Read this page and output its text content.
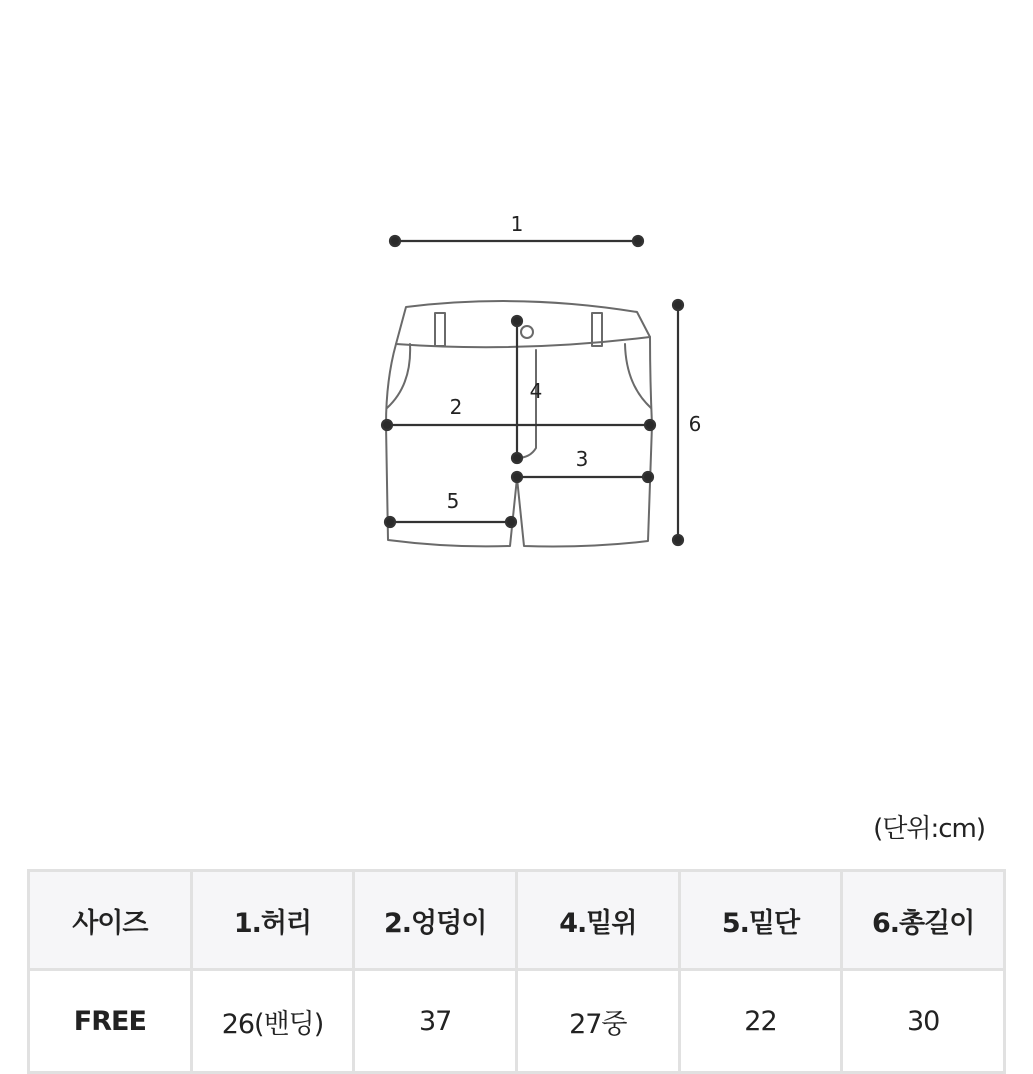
1
2
3
4
5
6
(단위:cm)
사이즈	1.허리	2.엉덩이	4.밑위	5.밑단	6.총길이
FREE	26(밴딩)	37	27중	22	30
